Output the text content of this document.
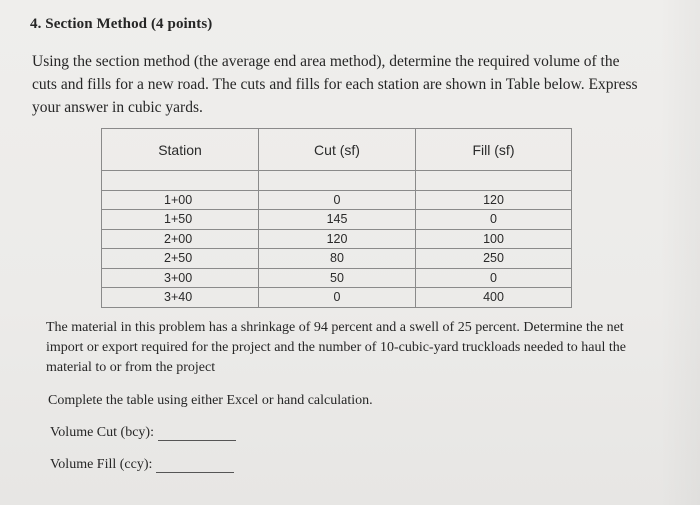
4. Section Method (4 points)
Using the section method (the average end area method), determine the required volume of the cuts and fills for a new road. The cuts and fills for each station are shown in Table below. Express your answer in cubic yards.
Station	Cut (sf)	Fill (sf)

1+00	0	120
1+50	145	0
2+00	120	100
2+50	80	250
3+00	50	0
3+40	0	400
The material in this problem has a shrinkage of 94 percent and a swell of 25 percent. Determine the net import or export required for the project and the number of 10-cubic-yard truckloads needed to haul the material to or from the project
Complete the table using either Excel or hand calculation.
Volume Cut (bcy):
Volume Fill (ccy):
